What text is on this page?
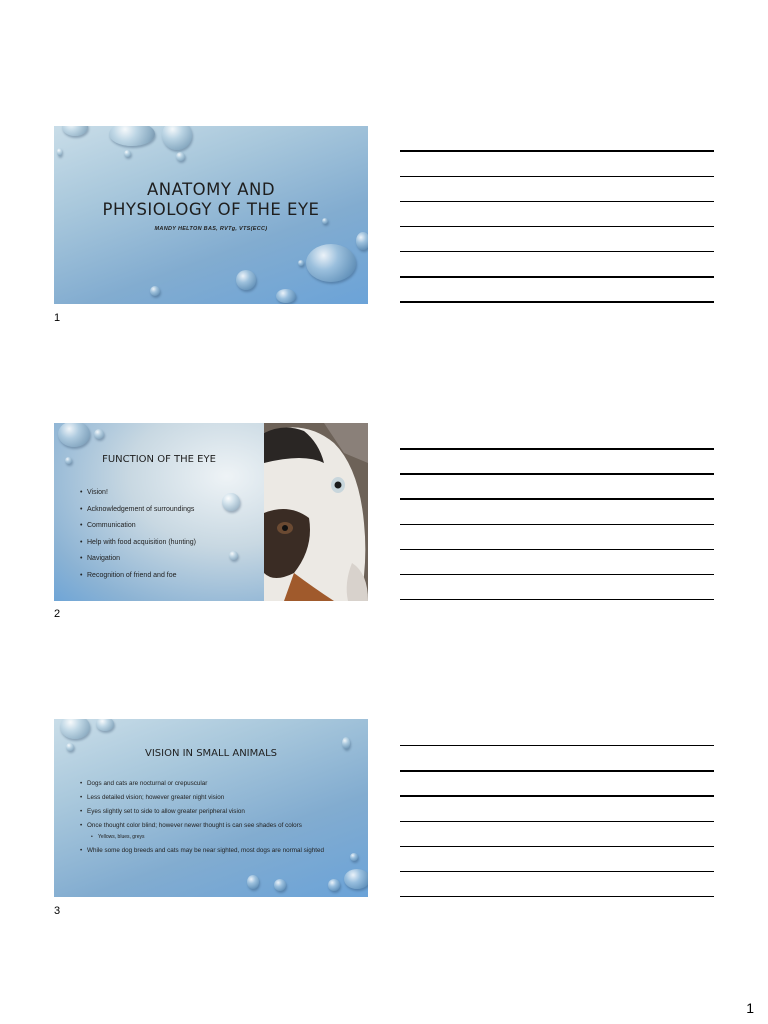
ANATOMY AND
PHYSIOLOGY OF THE EYE
MANDY HELTON BAS, RVTg, VTS(ECC)
1
FUNCTION OF THE EYE
• Vision!
• Acknowledgement of surroundings
• Communication
• Help with food acquisition (hunting)
• Navigation
• Recognition of friend and foe
2
VISION IN SMALL ANIMALS
• Dogs and cats are nocturnal or crepuscular
• Less detailed vision; however greater night vision
• Eyes slightly set to side to allow greater peripheral vision
• Once thought color blind; however newer thought is can see shades of colors
• Yellows, blues, greys
• While some dog breeds and cats may be near sighted, most dogs are normal sighted
3
1
